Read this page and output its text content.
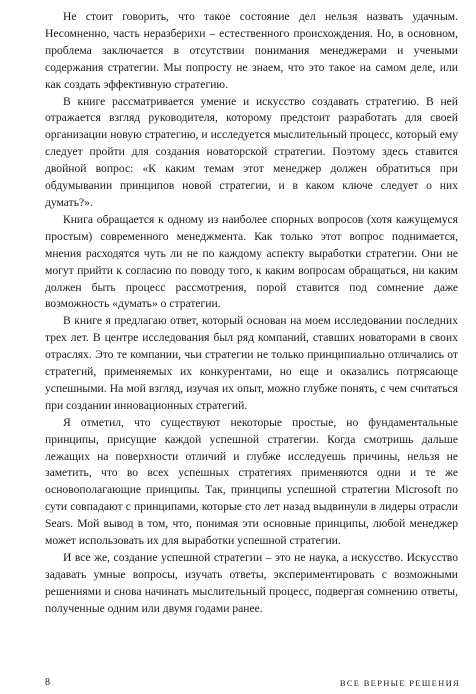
Не стоит говорить, что такое состояние дел нельзя назвать удачным. Несомненно, часть неразберихи – естественного происхождения. Но, в основном, проблема заключается в отсутствии понимания менеджерами и учеными содержания стратегии. Мы попросту не знаем, что это такое на самом деле, или как создать эффективную стратегию.

В книге рассматривается умение и искусство создавать стратегию. В ней отражается взгляд руководителя, которому предстоит разработать для своей организации новую стратегию, и исследуется мыслительный процесс, который ему следует пройти для создания новаторской стратегии. Поэтому здесь ставится двойной вопрос: «К каким темам этот менеджер должен обратиться при обдумывании принципов новой стратегии, и в каком ключе следует о них думать?».

Книга обращается к одному из наиболее спорных вопросов (хотя кажущемуся простым) современного менеджмента. Как только этот вопрос поднимается, мнения расходятся чуть ли не по каждому аспекту выработки стратегии. Они не могут прийти к согласию по поводу того, к каким вопросам обращаться, ни каким должен быть процесс рассмотрения, порой ставится под сомнение даже возможность «думать» о стратегии.

В книге я предлагаю ответ, который основан на моем исследовании последних трех лет. В центре исследования был ряд компаний, ставших новаторами в своих отраслях. Это те компании, чьи стратегии не только принципиально отличались от стратегий, применяемых их конкурентами, но еще и оказались потрясающе успешными. На мой взгляд, изучая их опыт, можно глубже понять, с чем считаться при создании инновационных стратегий.

Я отметил, что существуют некоторые простые, но фундаментальные принципы, присущие каждой успешной стратегии. Когда смотришь дальше лежащих на поверхности отличий и глубже исследуешь причины, нельзя не заметить, что во всех успешных стратегиях применяются одни и те же основополагающие принципы. Так, принципы успешной стратегии Microsoft по сути совпадают с принципами, которые сто лет назад выдвинули в лидеры отрасли Sears. Мой вывод в том, что, понимая эти основные принципы, любой менеджер может использовать их для выработки успешной стратегии.

И все же, создание успешной стратегии – это не наука, а искусство. Искусство задавать умные вопросы, изучать ответы, экспериментировать с возможными решениями и снова начинать мыслительный процесс, подвергая сомнению ответы, полученные одним или двумя годами ранее.

8	ВСЕ ВЕРНЫЕ РЕШЕНИЯ
